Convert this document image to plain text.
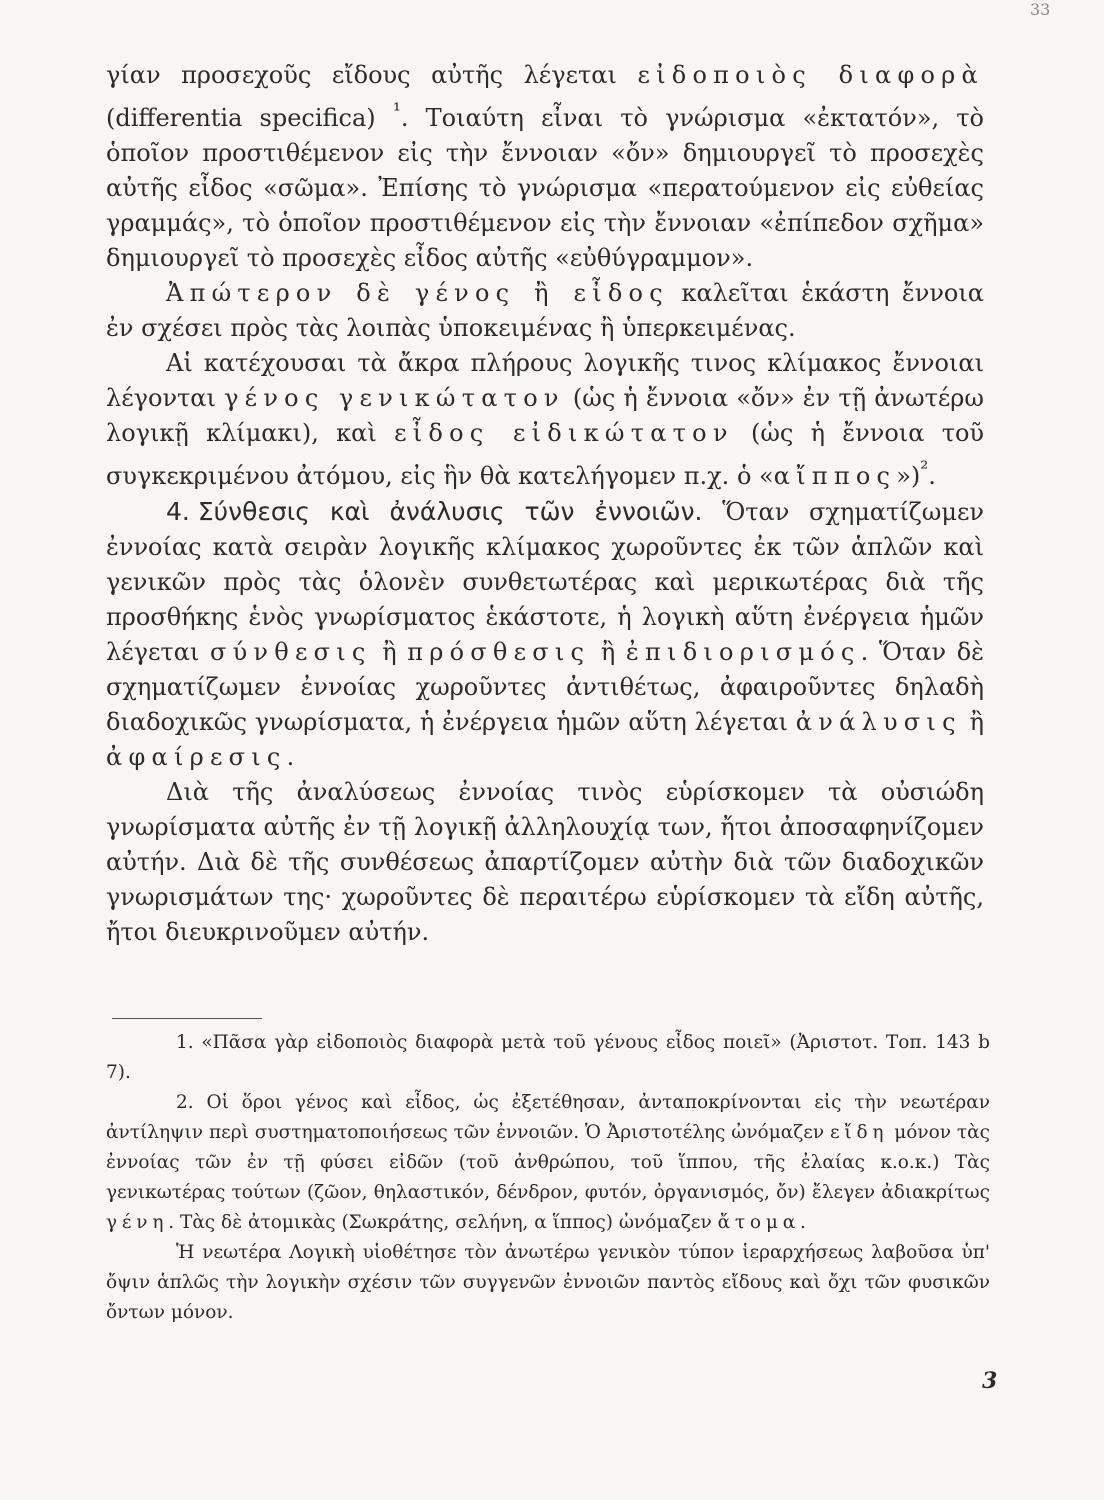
33

γίαν προσεχοῦς εἴδους αὐτῆς λέγεται εἰδοποιὸς διαφορὰ (differentia specifica) $^{^1}$. Τοιαύτη εἶναι τὸ γνώρισμα «ἐκτατόν», τὸ ὁποῖον προστιθέμενον εἰς τὴν ἔννοιαν «ὄν» δημιουργεῖ τὸ προσεχὲς αὐτῆς εἶδος «σῶμα». Ἐπίσης τὸ γνώρισμα «περατούμενον εἰς εὐθείας γραμμάς», τὸ ὁποῖον προστιθέμενον εἰς τὴν ἔννοιαν «ἐπίπεδον σχῆμα» δημιουργεῖ τὸ προσεχὲς εἶδος αὐτῆς «εὐθύγραμμον».

Ἀπώτερον δὲ γένος ἢ εἶδος καλεῖται ἑκάστη ἔννοια ἐν σχέσει πρὸς τὰς λοιπὰς ὑποκειμένας ἢ ὑπερκειμένας.

Αἱ κατέχουσαι τὰ ἄκρα πλήρους λογικῆς τινος κλίμακος ἔννοιαι λέγονται γένος γενικώτατον (ὡς ἡ ἔννοια «ὄν» ἐν τῇ ἀνωτέρω λογικῇ κλίμακι), καὶ εἶδος εἰδικώτατον (ὡς ἡ ἔννοια τοῦ συγκεκριμένου ἀτόμου, εἰς ἣν θὰ κατελήγομεν π.χ. ὁ «αἴππος»)$^{^2}$.

4. Σύνθεσις καὶ ἀνάλυσις τῶν ἐννοιῶν. Ὅταν σχηματίζωμεν ἐννοίας κατὰ σειρὰν λογικῆς κλίμακος χωροῦντες ἐκ τῶν ἁπλῶν καὶ γενικῶν πρὸς τὰς ὁλονὲν συνθετωτέρας καὶ μερικωτέρας διὰ τῆς προσθήκης ἑνὸς γνωρίσματος ἑκάστοτε, ἡ λογικὴ αὕτη ἐνέργεια ἡμῶν λέγεται σύνθεσις ἢ πρόσθεσις ἢ ἐπιδιορισμός. Ὅταν δὲ σχηματίζωμεν ἐννοίας χωροῦντες ἀντιθέτως, ἀφαιροῦντες δηλαδὴ διαδοχικῶς γνωρίσματα, ἡ ἐνέργεια ἡμῶν αὕτη λέγεται ἀνάλυσις ἢ ἀφαίρεσις.

Διὰ τῆς ἀναλύσεως ἐννοίας τινὸς εὑρίσκομεν τὰ οὐσιώδη γνωρίσματα αὐτῆς ἐν τῇ λογικῇ ἀλληλουχίᾳ των, ἤτοι ἀποσαφηνίζομεν αὐτήν. Διὰ δὲ τῆς συνθέσεως ἀπαρτίζομεν αὐτὴν διὰ τῶν διαδοχικῶν γνωρισμάτων της· χωροῦντες δὲ περαιτέρω εὑρίσκομεν τὰ εἴδη αὐτῆς, ἤτοι διευκρινοῦμεν αὐτήν.

1. «Πᾶσα γὰρ εἰδοποιὸς διαφορὰ μετὰ τοῦ γένους εἶδος ποιεῖ» (Ἀριστοτ. Τοπ. 143 b 7).

2. Οἱ ὅροι γένος καὶ εἶδος, ὡς ἐξετέθησαν, ἀνταποκρίνονται εἰς τὴν νεωτέραν ἀντίληψιν περὶ συστηματοποιήσεως τῶν ἐννοιῶν. Ὁ Ἀριστοτέλης ὠνόμαζεν εἴδη μόνον τὰς ἐννοίας τῶν ἐν τῇ φύσει εἰδῶν (τοῦ ἀνθρώπου, τοῦ ἵππου, τῆς ἐλαίας κ.ο.κ.) Τὰς γενικωτέρας τούτων (ζῶον, θηλαστικόν, δένδρον, φυτόν, ὀργανισμός, ὄν) ἔλεγεν ἀδιακρίτως γένη. Τὰς δὲ ἀτομικὰς (Σωκράτης, σελήνη, α ἵππος) ὠνόμαζεν ἄτομα.

Ἡ νεωτέρα Λογικὴ υἱοθέτησε τὸν ἀνωτέρω γενικὸν τύπον ἱεραρχήσεως λαβοῦσα ὑπ' ὄψιν ἁπλῶς τὴν λογικὴν σχέσιν τῶν συγγενῶν ἐννοιῶν παντὸς εἴδους καὶ ὄχι τῶν φυσικῶν ὄντων μόνον.

3
